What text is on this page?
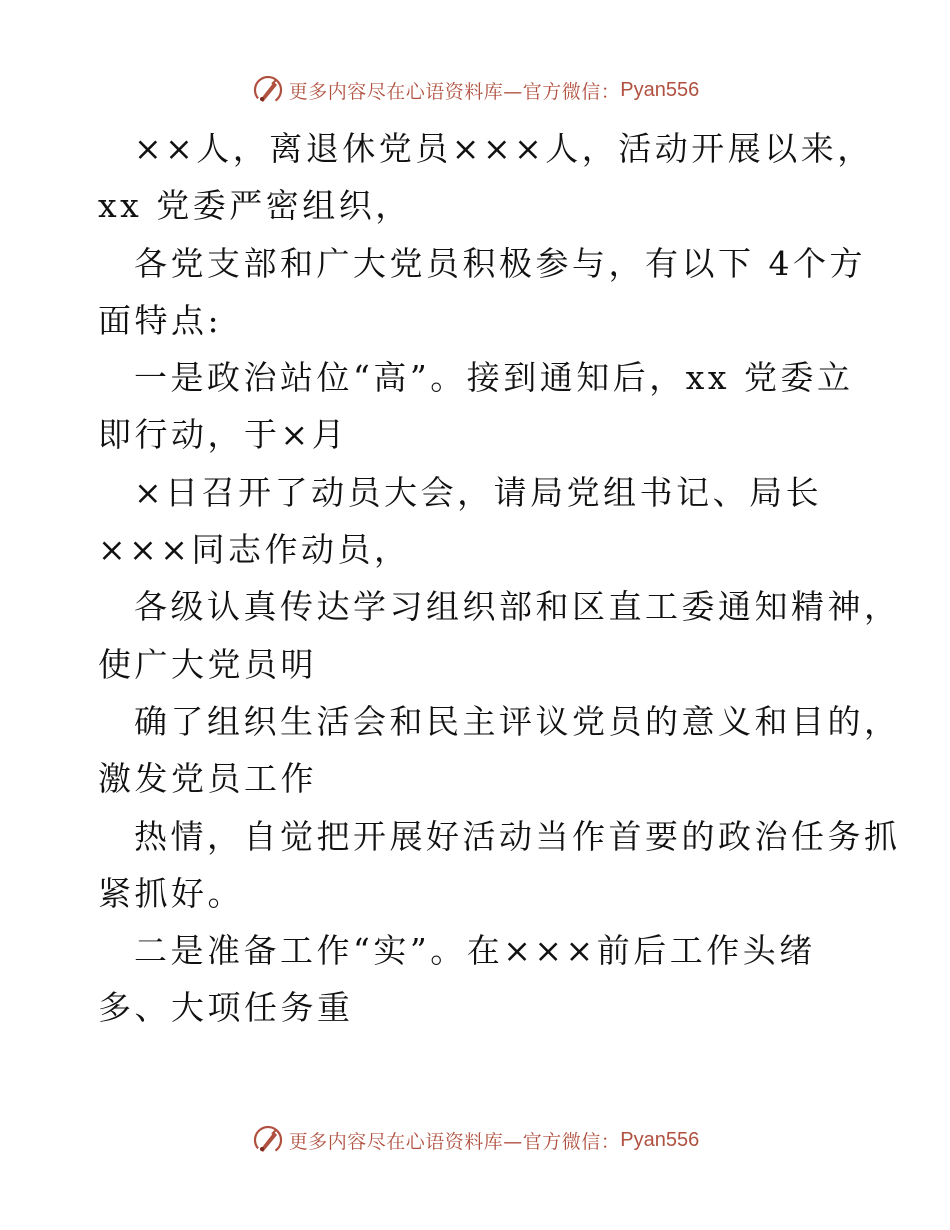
更多内容尽在心语资料库—官方微信： Pyan556
××人，离退休党员×××人，活动开展以来，
xx 党委严密组织，
各党支部和广大党员积极参与，有以下 4个方
面特点:
一是政治站位“高”。接到通知后，xx 党委立
即行动，于×月
×日召开了动员大会，请局党组书记、局长
×××同志作动员，
各级认真传达学习组织部和区直工委通知精神，
使广大党员明
确了组织生活会和民主评议党员的意义和目的，
激发党员工作
热情，自觉把开展好活动当作首要的政治任务抓
紧抓好。
二是准备工作“实”。在×××前后工作头绪
多、大项任务重
更多内容尽在心语资料库—官方微信： Pyan556
